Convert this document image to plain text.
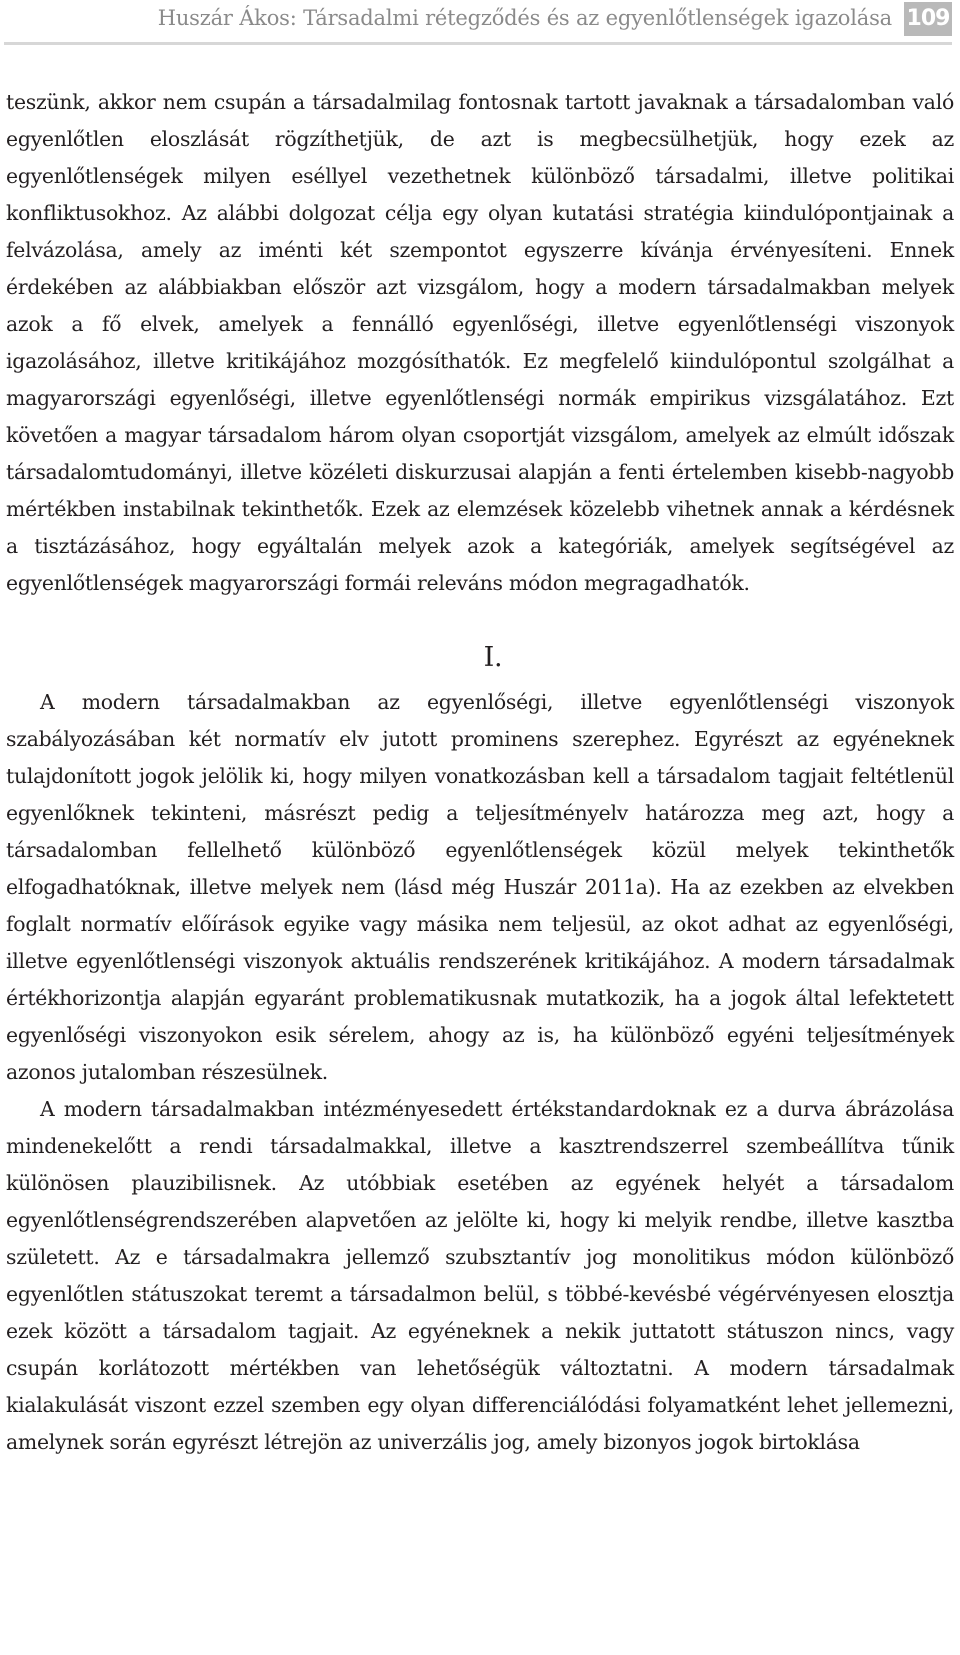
Huszár Ákos: Társadalmi rétegződés és az egyenlőtlenségek igazolása 109

teszünk, akkor nem csupán a társadalmilag fontosnak tartott javaknak a társadalomban való egyenlőtlen eloszlását rögzíthetjük, de azt is megbecsülhetjük, hogy ezek az egyenlőtlenségek milyen eséllyel vezethetnek különböző társadalmi, illetve politikai konfliktusokhoz. Az alábbi dolgozat célja egy olyan kutatási stratégia kiindulópontjainak a felvázolása, amely az iménti két szempontot egyszerre kívánja érvényesíteni. Ennek érdekében az alábbiakban először azt vizsgálom, hogy a modern társadalmakban melyek azok a fő elvek, amelyek a fennálló egyenlőségi, illetve egyenlőtlenségi viszonyok igazolásához, illetve kritikájához mozgósíthatók. Ez megfelelő kiindulópontul szolgálhat a magyarországi egyenlőségi, illetve egyenlőtlenségi normák empirikus vizsgálatához. Ezt követően a magyar társadalom három olyan csoportját vizsgálom, amelyek az elmúlt időszak társadalomtudományi, illetve közéleti diskurzusai alapján a fenti értelemben kisebb-nagyobb mértékben instabilnak tekinthetők. Ezek az elemzések közelebb vihetnek annak a kérdésnek a tisztázásához, hogy egyáltalán melyek azok a kategóriák, amelyek segítségével az egyenlőtlenségek magyarországi formái releváns módon megragadhatók.

I.

A modern társadalmakban az egyenlőségi, illetve egyenlőtlenségi viszonyok szabályozásában két normatív elv jutott prominens szerephez. Egyrészt az egyéneknek tulajdonított jogok jelölik ki, hogy milyen vonatkozásban kell a társadalom tagjait feltétlenül egyenlőknek tekinteni, másrészt pedig a teljesítményelv határozza meg azt, hogy a társadalomban fellelhető különböző egyenlőtlenségek közül melyek tekinthetők elfogadhatóknak, illetve melyek nem (lásd még Huszár 2011a). Ha az ezekben az elvekben foglalt normatív előírások egyike vagy másika nem teljesül, az okot adhat az egyenlőségi, illetve egyenlőtlenségi viszonyok aktuális rendszerének kritikájához. A modern társadalmak értékhorizontja alapján egyaránt problematikusnak mutatkozik, ha a jogok által lefektetett egyenlőségi viszonyokon esik sérelem, ahogy az is, ha különböző egyéni teljesítmények azonos jutalomban részesülnek.

A modern társadalmakban intézményesedett értékstandardoknak ez a durva ábrázolása mindenekelőtt a rendi társadalmakkal, illetve a kasztrendszerrel szembeállítva tűnik különösen plauzibilisnek. Az utóbbiak esetében az egyének helyét a társadalom egyenlőtlenségrendszerében alapvetően az jelölte ki, hogy ki melyik rendbe, illetve kasztba született. Az e társadalmakra jellemző szubsztantív jog monolitikus módon különböző egyenlőtlen státuszokat teremt a társadalmon belül, s többé-kevésbé végérvényesen elosztja ezek között a társadalom tagjait. Az egyéneknek a nekik juttatott státuszon nincs, vagy csupán korlátozott mértékben van lehetőségük változtatni. A modern társadalmak kialakulását viszont ezzel szemben egy olyan differenciálódási folyamatként lehet jellemezni, amelynek során egyrészt létrejön az univerzális jog, amely bizonyos jogok birtoklása
